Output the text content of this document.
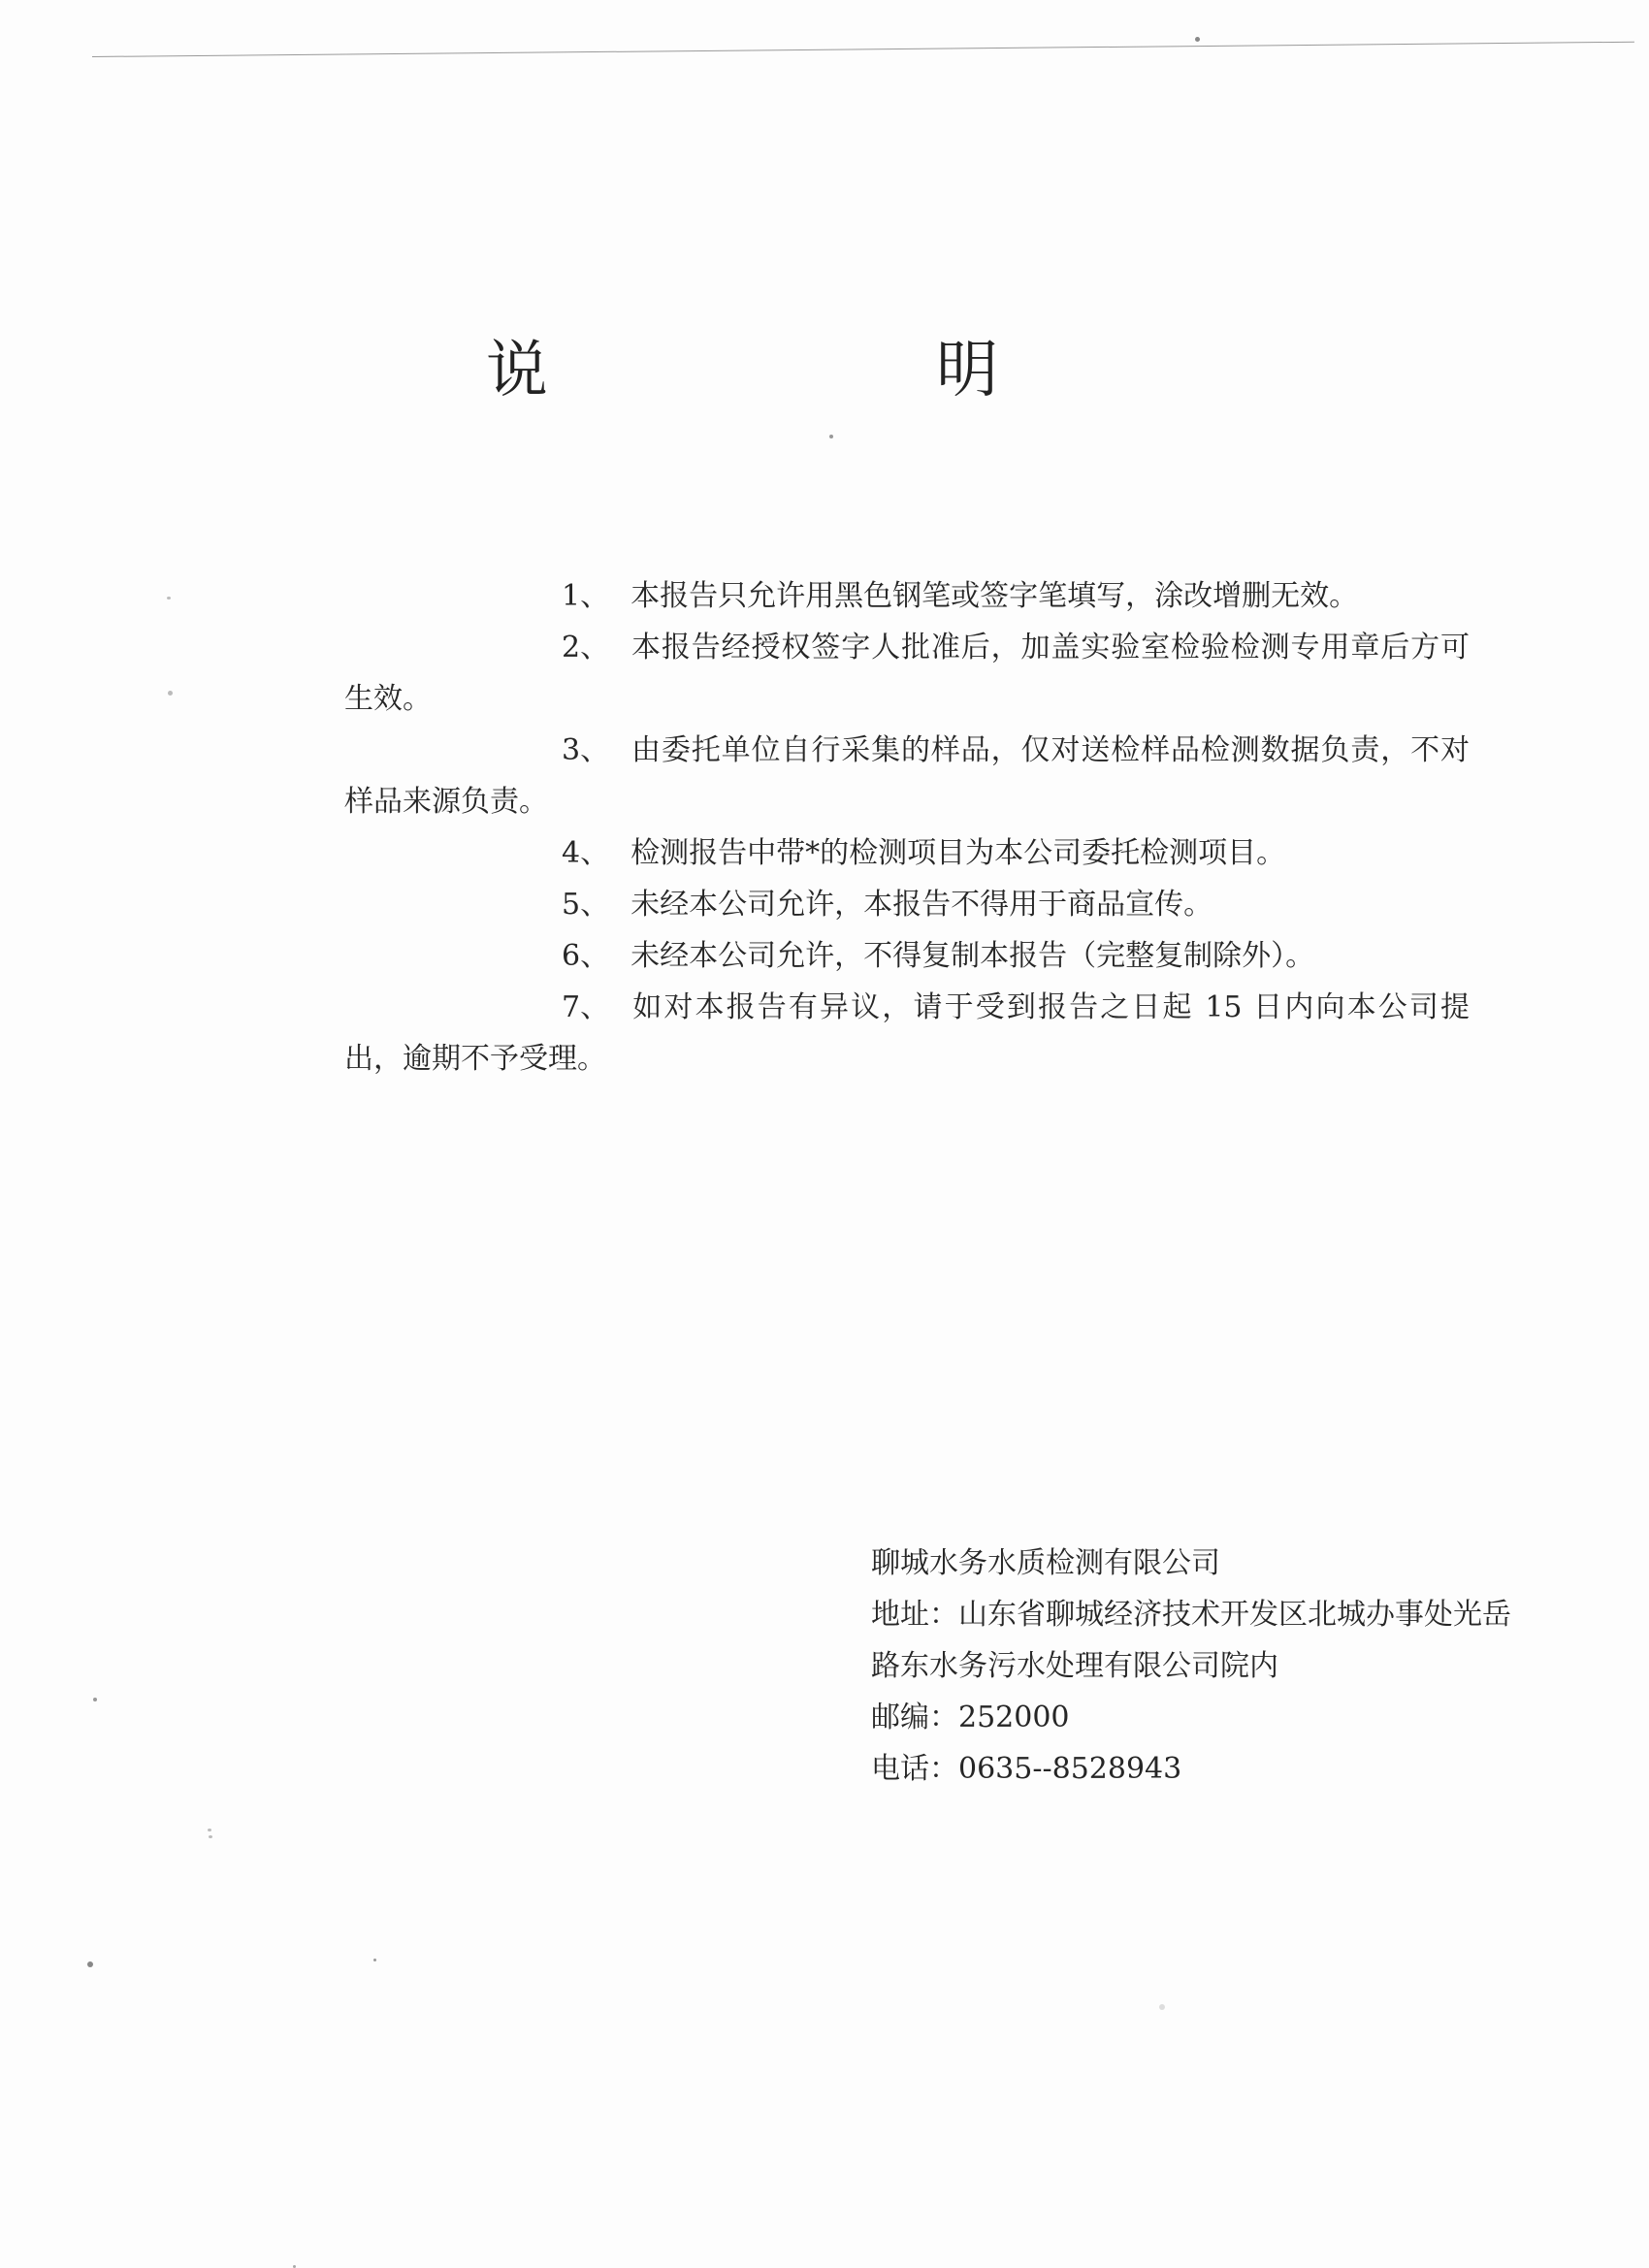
说 明

1、 本报告只允许用黑色钢笔或签字笔填写，涂改增删无效。

2、 本报告经授权签字人批准后，加盖实验室检验检测专用章后方可生效。

3、 由委托单位自行采集的样品，仅对送检样品检测数据负责，不对样品来源负责。

4、 检测报告中带*的检测项目为本公司委托检测项目。

5、 未经本公司允许，本报告不得用于商品宣传。

6、 未经本公司允许，不得复制本报告（完整复制除外）。

7、 如对本报告有异议，请于受到报告之日起 15 日内向本公司提出，逾期不予受理。

聊城水务水质检测有限公司

地址：山东省聊城经济技术开发区北城办事处光岳路东水务污水处理有限公司院内

邮编：252000

电话：0635--8528943
